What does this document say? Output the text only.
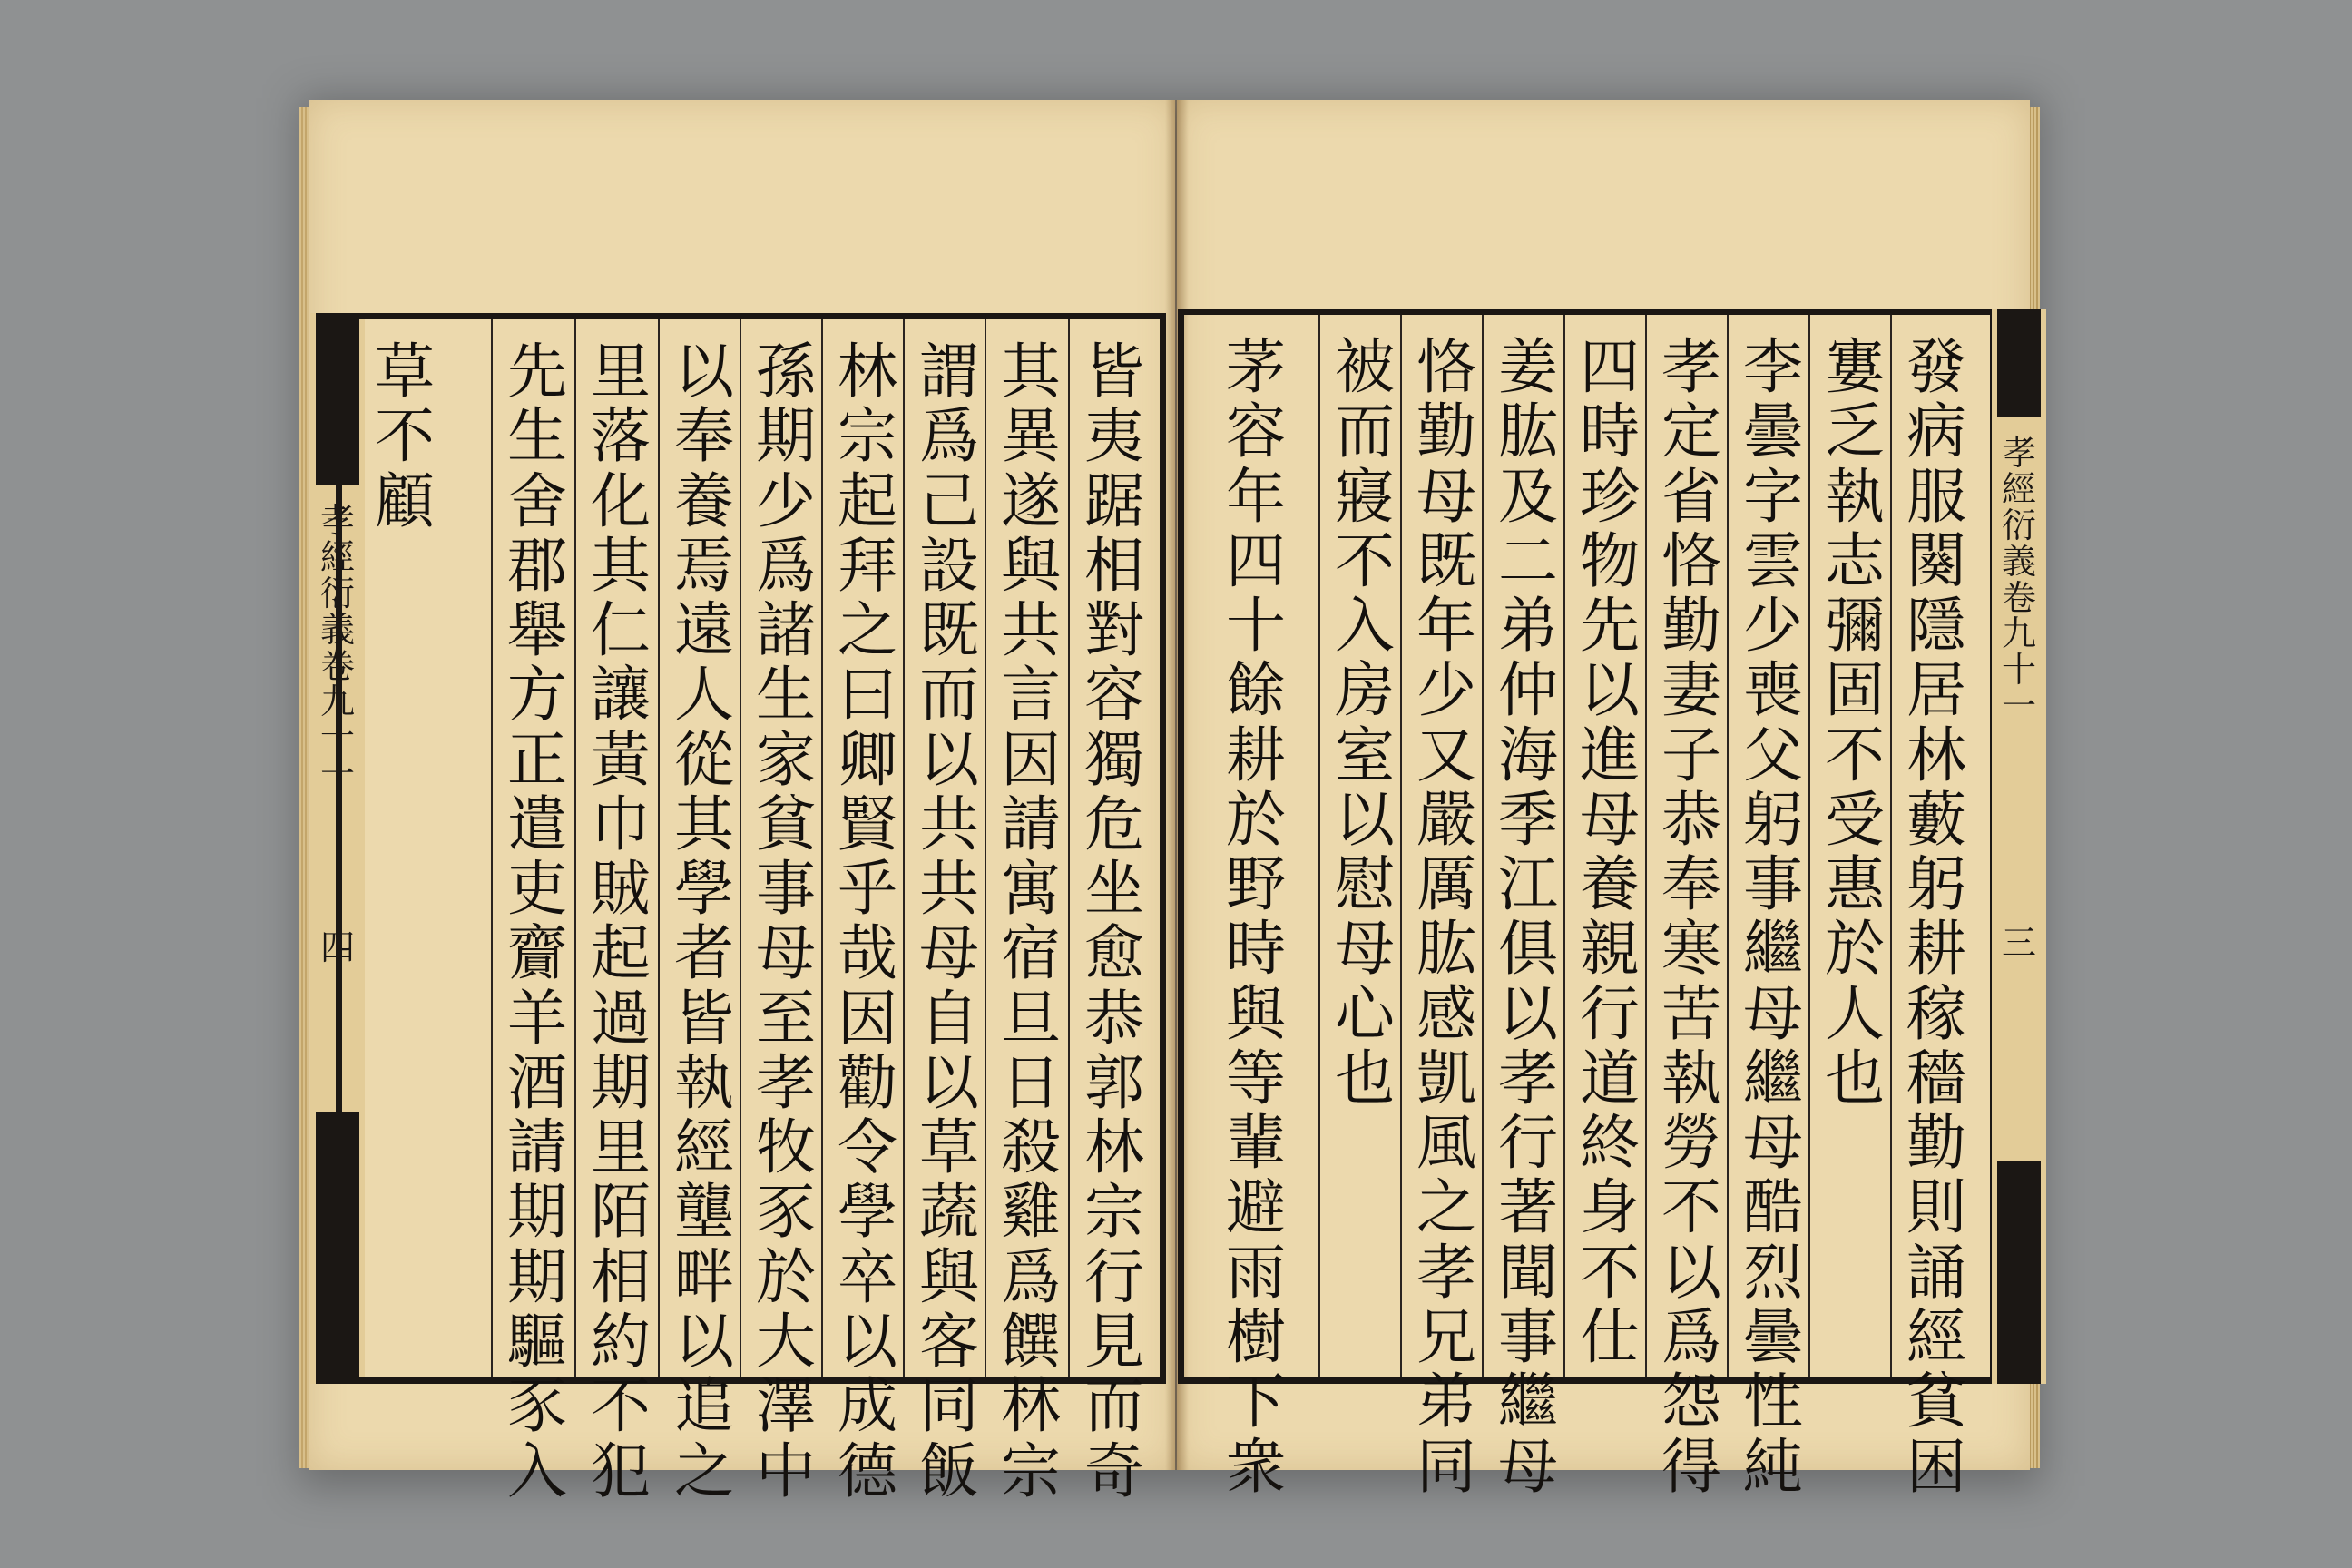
孝
經
衍
義
卷
九
十
一
四
皆
夷
踞
相
對
容
獨
危
坐
愈
恭
郭
林
宗
行
見
而
奇
其
異
遂
與
共
言
因
請
寓
宿
旦
日
殺
雞
爲
饌
林
宗
謂
爲
己
設
既
而
以
共
共
母
自
以
草
蔬
與
客
同
飯
林
宗
起
拜
之
曰
卿
賢
乎
哉
因
勸
令
學
卒
以
成
德
孫
期
少
爲
諸
生
家
貧
事
母
至
孝
牧
豕
於
大
澤
中
以
奉
養
焉
遠
人
從
其
學
者
皆
執
經
壟
畔
以
追
之
里
落
化
其
仁
讓
黃
巾
賊
起
過
期
里
陌
相
約
不
犯
先
生
舍
郡
舉
方
正
遣
吏
齎
羊
酒
請
期
期
驅
豕
入
草
不
顧
發
病
服
闋
隱
居
林
藪
躬
耕
稼
穡
勤
則
誦
經
貧
困
寠
乏
執
志
彌
固
不
受
惠
於
人
也
李
曇
字
雲
少
喪
父
躬
事
繼
母
繼
母
酷
烈
曇
性
純
孝
定
省
恪
勤
妻
子
恭
奉
寒
苦
執
勞
不
以
爲
怨
得
四
時
珍
物
先
以
進
母
養
親
行
道
終
身
不
仕
姜
肱
及
二
弟
仲
海
季
江
俱
以
孝
行
著
聞
事
繼
母
恪
勤
母
既
年
少
又
嚴
厲
肱
感
凱
風
之
孝
兄
弟
同
被
而
寢
不
入
房
室
以
慰
母
心
也
茅
容
年
四
十
餘
耕
於
野
時
與
等
輩
避
雨
樹
下
衆
孝
經
衍
義
卷
九
十
一
三
